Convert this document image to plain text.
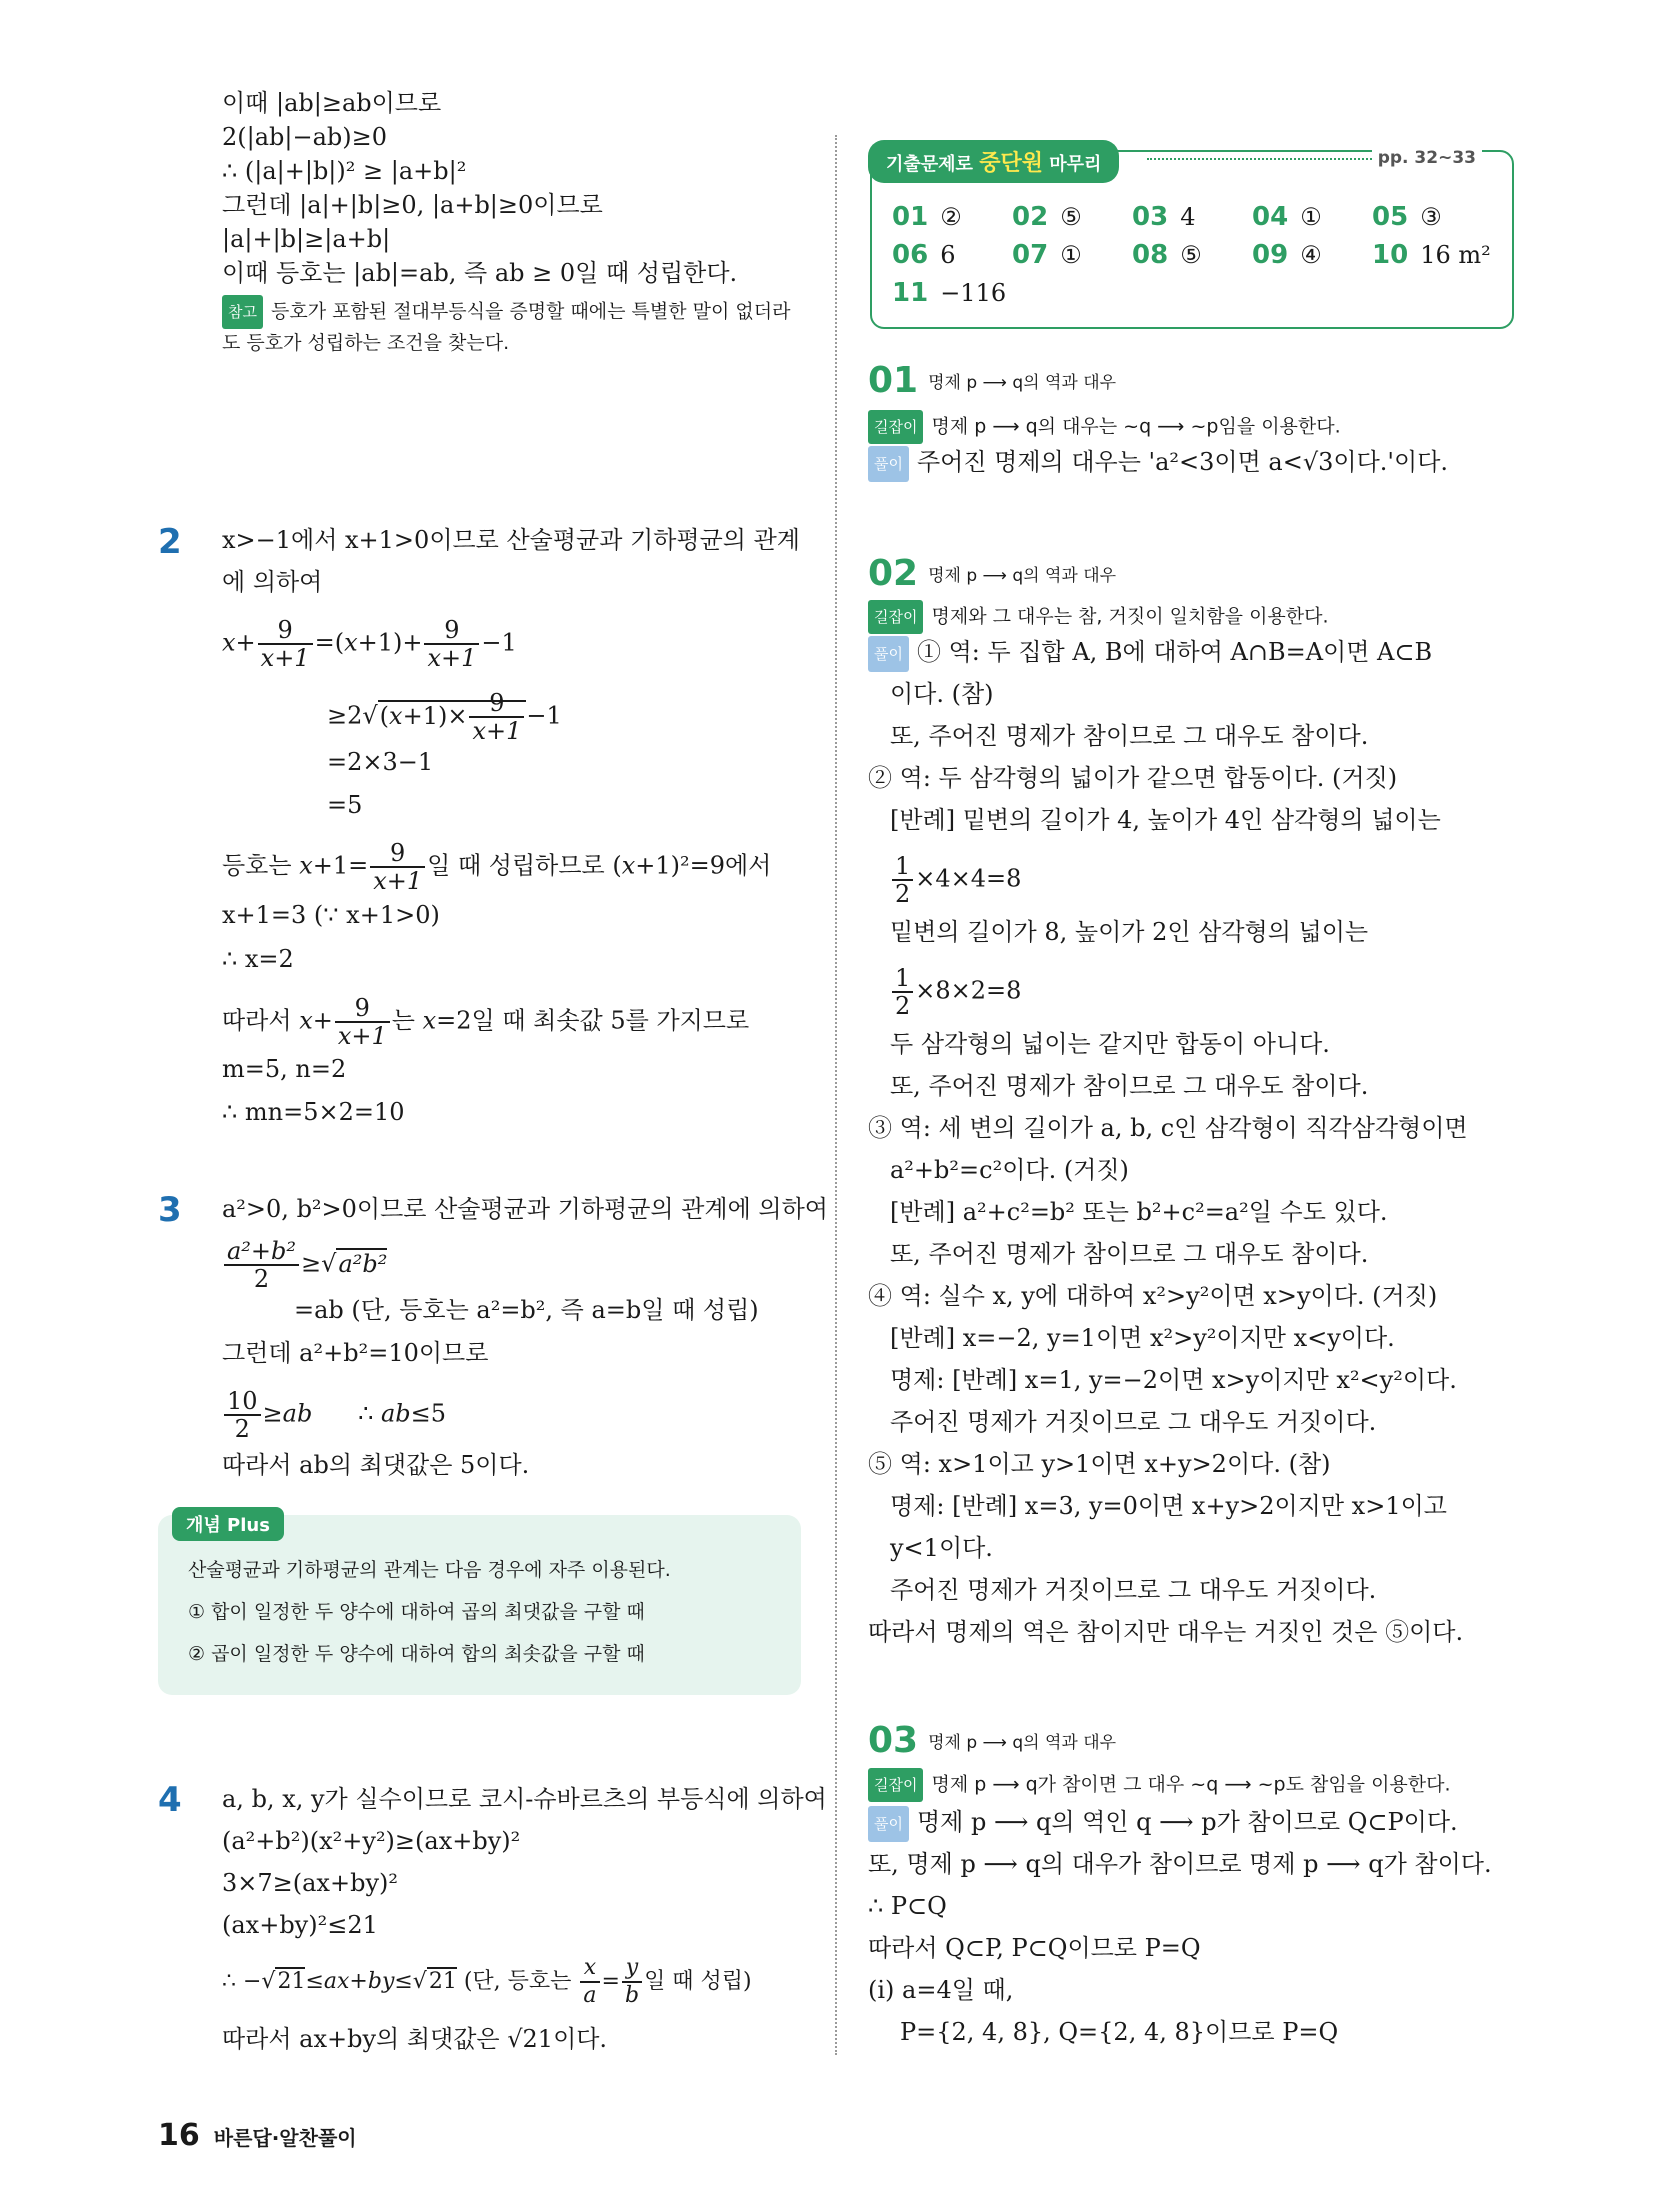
이때 |ab|≥ab이므로
2(|ab|−ab)≥0
∴ (|a|+|b|)² ≥ |a+b|²
그런데 |a|+|b|≥0, |a+b|≥0이므로
|a|+|b|≥|a+b|
이때 등호는 |ab|=ab, 즉 ab ≥ 0일 때 성립한다.
참고 등호가 포함된 절대부등식을 증명할 때에는 특별한 말이 없더라
도 등호가 성립하는 조건을 찾는다.
2 x>−1에서 x+1>0이므로 산술평균과 기하평균의 관계
에 의하여
$x+ \frac{9}{x+1} =(x+1)+ \frac{9}{x+1} -1$
$\ge 2√(x+1)\times \frac{9}{x+1} -1$
=2×3−1
=5
등호는 $x+1= \frac{9}{x+1}$ 일 때 성립하므로 (x+1)²=9에서
x+1=3 (∵ x+1>0)
∴ x=2
따라서 $x+ \frac{9}{x+1}$ 는 x=2일 때 최솟값 5를 가지므로
m=5, n=2
∴ mn=5×2=10
3 a²>0, b²>0이므로 산술평균과 기하평균의 관계에 의하여
$\frac{\text{a²+b²}}{2} \ge√a^2b^2$
=ab (단, 등호는 a²=b², 즉 a=b일 때 성립)
그런데 a²+b²=10이므로
$\frac{10}{2} \ge ab$      ∴ ab≤5
따라서 ab의 최댓값은 5이다.
개념 Plus
산술평균과 기하평균의 관계는 다음 경우에 자주 이용된다.
① 합이 일정한 두 양수에 대하여 곱의 최댓값을 구할 때
② 곱이 일정한 두 양수에 대하여 합의 최솟값을 구할 때
4 a, b, x, y가 실수이므로 코시-슈바르츠의 부등식에 의하여
(a²+b²)(x²+y²)≥(ax+by)²
3×7≥(ax+by)²
(ax+by)²≤21
∴ −√21≤ax+by≤√21 (단, 등호는 $\frac{x}{a} = \frac{y}{b}$ 일 때 성립)
따라서 ax+by의 최댓값은 √21이다.
기출문제로 중단원 마무리	pp. 32~33
01 ② 02 ⑤ 03 4 04 ① 05 ③
06 6 07 ① 08 ⑤ 09 ④ 10 16 m²
11 −116
01 명제 p ⟶ q의 역과 대우
길잡이 명제 p ⟶ q의 대우는 ~q ⟶ ~p임을 이용한다.
풀이 주어진 명제의 대우는 'a²<3이면 a<√3이다.'이다.
02 명제 p ⟶ q의 역과 대우
길잡이 명제와 그 대우는 참, 거짓이 일치함을 이용한다.
풀이 ① 역: 두 집합 A, B에 대하여 A∩B=A이면 A⊂B
이다. (참)
또, 주어진 명제가 참이므로 그 대우도 참이다.
② 역: 두 삼각형의 넓이가 같으면 합동이다. (거짓)
[반례] 밑변의 길이가 4, 높이가 4인 삼각형의 넓이는
$\frac{1}{2} \times 4\times 4=8$
밑변의 길이가 8, 높이가 2인 삼각형의 넓이는
$\frac{1}{2} \times 8\times 2=8$
두 삼각형의 넓이는 같지만 합동이 아니다.
또, 주어진 명제가 참이므로 그 대우도 참이다.
③ 역: 세 변의 길이가 a, b, c인 삼각형이 직각삼각형이면
a²+b²=c²이다. (거짓)
[반례] a²+c²=b² 또는 b²+c²=a²일 수도 있다.
또, 주어진 명제가 참이므로 그 대우도 참이다.
④ 역: 실수 x, y에 대하여 x²>y²이면 x>y이다. (거짓)
[반례] x=−2, y=1이면 x²>y²이지만 x<y이다.
명제: [반례] x=1, y=−2이면 x>y이지만 x²<y²이다.
주어진 명제가 거짓이므로 그 대우도 거짓이다.
⑤ 역: x>1이고 y>1이면 x+y>2이다. (참)
명제: [반례] x=3, y=0이면 x+y>2이지만 x>1이고
y<1이다.
주어진 명제가 거짓이므로 그 대우도 거짓이다.
따라서 명제의 역은 참이지만 대우는 거짓인 것은 ⑤이다.
03 명제 p ⟶ q의 역과 대우
길잡이 명제 p ⟶ q가 참이면 그 대우 ~q ⟶ ~p도 참임을 이용한다.
풀이 명제 p ⟶ q의 역인 q ⟶ p가 참이므로 Q⊂P이다.
또, 명제 p ⟶ q의 대우가 참이므로 명제 p ⟶ q가 참이다.
∴ P⊂Q
따라서 Q⊂P, P⊂Q이므로 P=Q
(i) a=4일 때,
P={2, 4, 8}, Q={2, 4, 8}이므로 P=Q
16 바른답·알찬풀이
